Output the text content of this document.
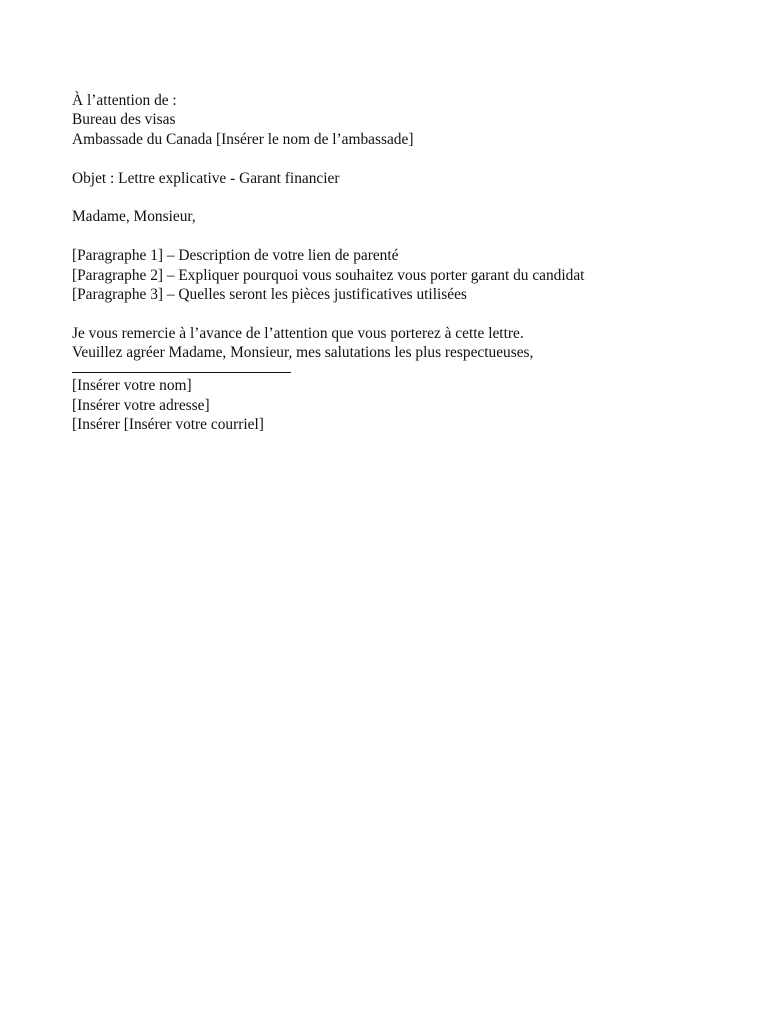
À l’attention de :
Bureau des visas
Ambassade du Canada [Insérer le nom de l’ambassade]
Objet : Lettre explicative - Garant financier
Madame, Monsieur,
[Paragraphe 1] – Description de votre lien de parenté
[Paragraphe 2] – Expliquer pourquoi vous souhaitez vous porter garant du candidat
[Paragraphe 3] – Quelles seront les pièces justificatives utilisées
Je vous remercie à l’avance de l’attention que vous porterez à cette lettre.
Veuillez agréer Madame, Monsieur, mes salutations les plus respectueuses,
[Insérer votre nom]
[Insérer votre adresse]
[Insérer [Insérer votre courriel]
